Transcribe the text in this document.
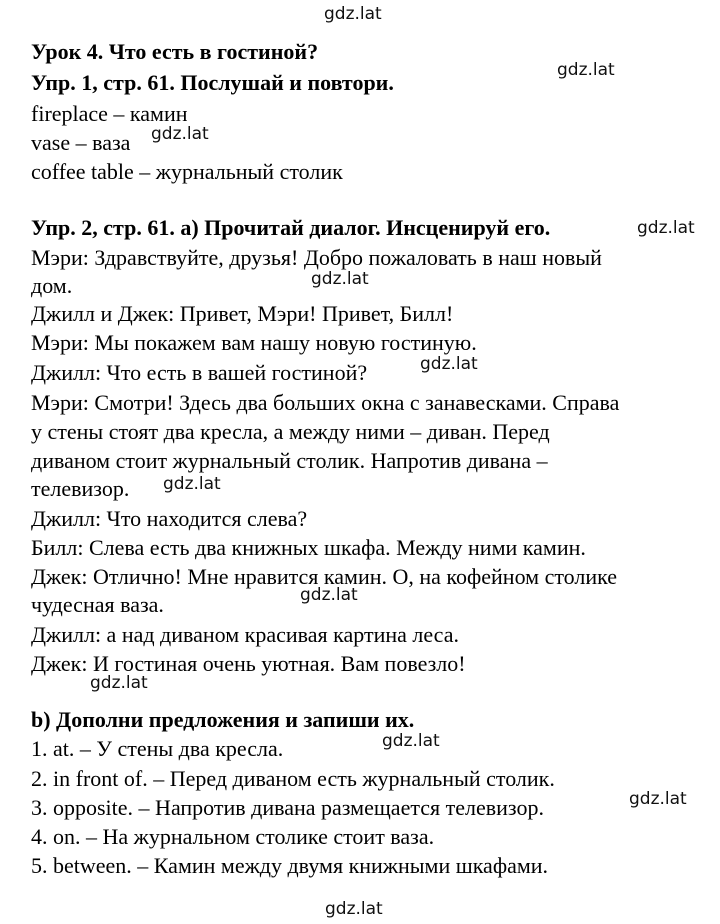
Урок 4. Что есть в гостиной?
Упр. 1, стр. 61. Послушай и повтори.
fireplace – камин
vase – ваза
coffee table – журнальный столик
Упр. 2, стр. 61. а) Прочитай диалог. Инсценируй его.
Мэри: Здравствуйте, друзья! Добро пожаловать в наш новый
дом.
Джилл и Джек: Привет, Мэри! Привет, Билл!
Мэри: Мы покажем вам нашу новую гостиную.
Джилл: Что есть в вашей гостиной?
Мэри: Смотри! Здесь два больших окна с занавесками. Справа
у стены стоят два кресла, а между ними – диван. Перед
диваном стоит журнальный столик. Напротив дивана –
телевизор.
Джилл: Что находится слева?
Билл: Слева есть два книжных шкафа. Между ними камин.
Джек: Отлично! Мне нравится камин. О, на кофейном столике
чудесная ваза.
Джилл: а над диваном красивая картина леса.
Джек: И гостиная очень уютная. Вам повезло!
b) Дополни предложения и запиши их.
1. at. – У стены два кресла.
2. in front of. – Перед диваном есть журнальный столик.
3. opposite. – Напротив дивана размещается телевизор.
4. on. – На журнальном столике стоит ваза.
5. between. – Камин между двумя книжными шкафами.
gdz.lat
gdz.lat
gdz.lat
gdz.lat
gdz.lat
gdz.lat
gdz.lat
gdz.lat
gdz.lat
gdz.lat
gdz.lat
gdz.lat
